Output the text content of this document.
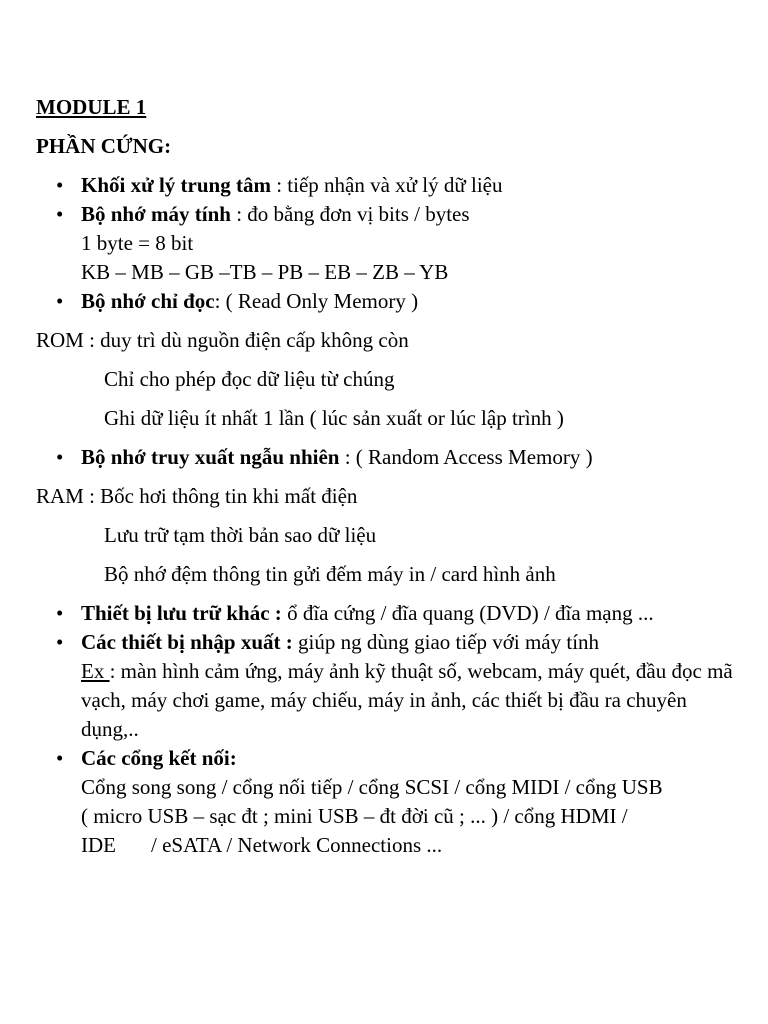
MODULE 1

PHẦN CỨNG:

• Khối xử lý trung tâm : tiếp nhận và xử lý dữ liệu
• Bộ nhớ máy tính : đo bằng đơn vị bits / bytes
1 byte = 8 bit
KB – MB – GB –TB – PB – EB – ZB – YB
• Bộ nhớ chỉ đọc: ( Read Only Memory )

ROM : duy trì dù nguồn điện cấp không còn

Chỉ cho phép đọc dữ liệu từ chúng

Ghi dữ liệu ít nhất 1 lần ( lúc sản xuất or lúc lập trình )

• Bộ nhớ truy xuất ngẫu nhiên : ( Random Access Memory )

RAM : Bốc hơi thông tin khi mất điện

Lưu trữ tạm thời bản sao dữ liệu

Bộ nhớ đệm thông tin gửi đếm máy in / card hình ảnh

• Thiết bị lưu trữ khác : ổ đĩa cứng / đĩa quang (DVD) / đĩa mạng ...
• Các thiết bị nhập xuất : giúp ng dùng giao tiếp với máy tính
Ex : màn hình cảm ứng, máy ảnh kỹ thuật số, webcam, máy quét, đầu đọc mã vạch, máy chơi game, máy chiếu, máy in ảnh, các thiết bị đầu ra chuyên dụng,..
• Các cổng kết nối:
Cổng song song / cổng nối tiếp / cổng SCSI / cổng MIDI / cổng USB
( micro USB – sạc đt ; mini USB – đt đời cũ ; ... ) / cổng HDMI /
IDE / eSATA / Network Connections ...
